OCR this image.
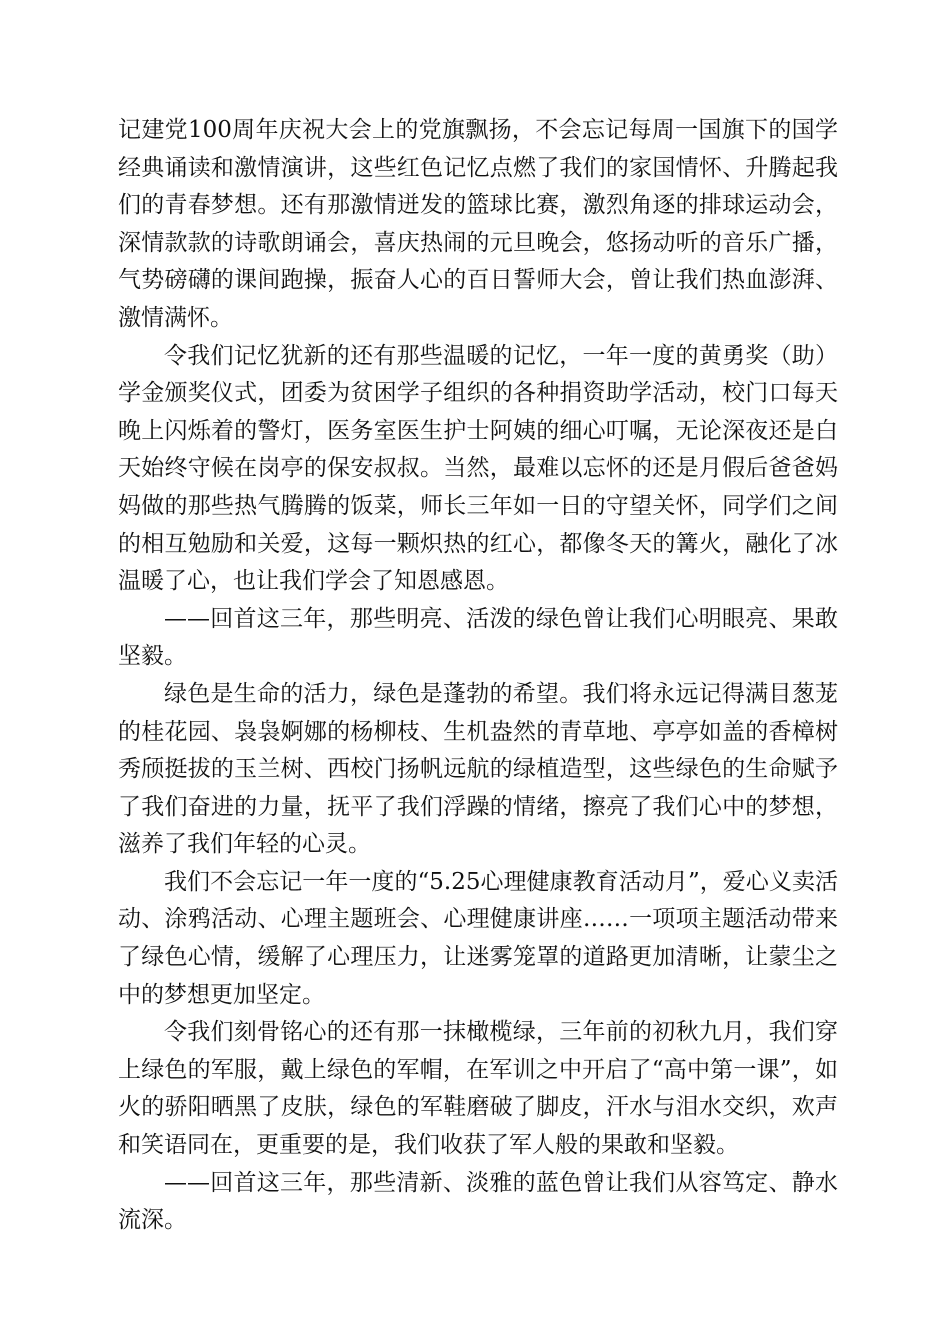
记建党100周年庆祝大会上的党旗飘扬，不会忘记每周一国旗下的国学经典诵读和激情演讲，这些红色记忆点燃了我们的家国情怀、升腾起我们的青春梦想。还有那激情迸发的篮球比赛，激烈角逐的排球运动会，深情款款的诗歌朗诵会，喜庆热闹的元旦晚会，悠扬动听的音乐广播，气势磅礴的课间跑操，振奋人心的百日誓师大会，曾让我们热血澎湃、激情满怀。

令我们记忆犹新的还有那些温暖的记忆，一年一度的黄勇奖（助）学金颁奖仪式，团委为贫困学子组织的各种捐资助学活动，校门口每天晚上闪烁着的警灯，医务室医生护士阿姨的细心叮嘱，无论深夜还是白天始终守候在岗亭的保安叔叔。当然，最难以忘怀的还是月假后爸爸妈妈做的那些热气腾腾的饭菜，师长三年如一日的守望关怀，同学们之间的相互勉励和关爱，这每一颗炽热的红心，都像冬天的篝火，融化了冰温暖了心，也让我们学会了知恩感恩。

——回首这三年，那些明亮、活泼的绿色曾让我们心明眼亮、果敢坚毅。

绿色是生命的活力，绿色是蓬勃的希望。我们将永远记得满目葱茏的桂花园、袅袅婀娜的杨柳枝、生机盎然的青草地、亭亭如盖的香樟树秀颀挺拔的玉兰树、西校门扬帆远航的绿植造型，这些绿色的生命赋予了我们奋进的力量，抚平了我们浮躁的情绪，擦亮了我们心中的梦想，滋养了我们年轻的心灵。

我们不会忘记一年一度的“5.25心理健康教育活动月”，爱心义卖活动、涂鸦活动、心理主题班会、心理健康讲座……一项项主题活动带来了绿色心情，缓解了心理压力，让迷雾笼罩的道路更加清晰，让蒙尘之中的梦想更加坚定。

令我们刻骨铭心的还有那一抹橄榄绿，三年前的初秋九月，我们穿上绿色的军服，戴上绿色的军帽，在军训之中开启了“高中第一课”，如火的骄阳晒黑了皮肤，绿色的军鞋磨破了脚皮，汗水与泪水交织，欢声和笑语同在，更重要的是，我们收获了军人般的果敢和坚毅。

——回首这三年，那些清新、淡雅的蓝色曾让我们从容笃定、静水流深。
